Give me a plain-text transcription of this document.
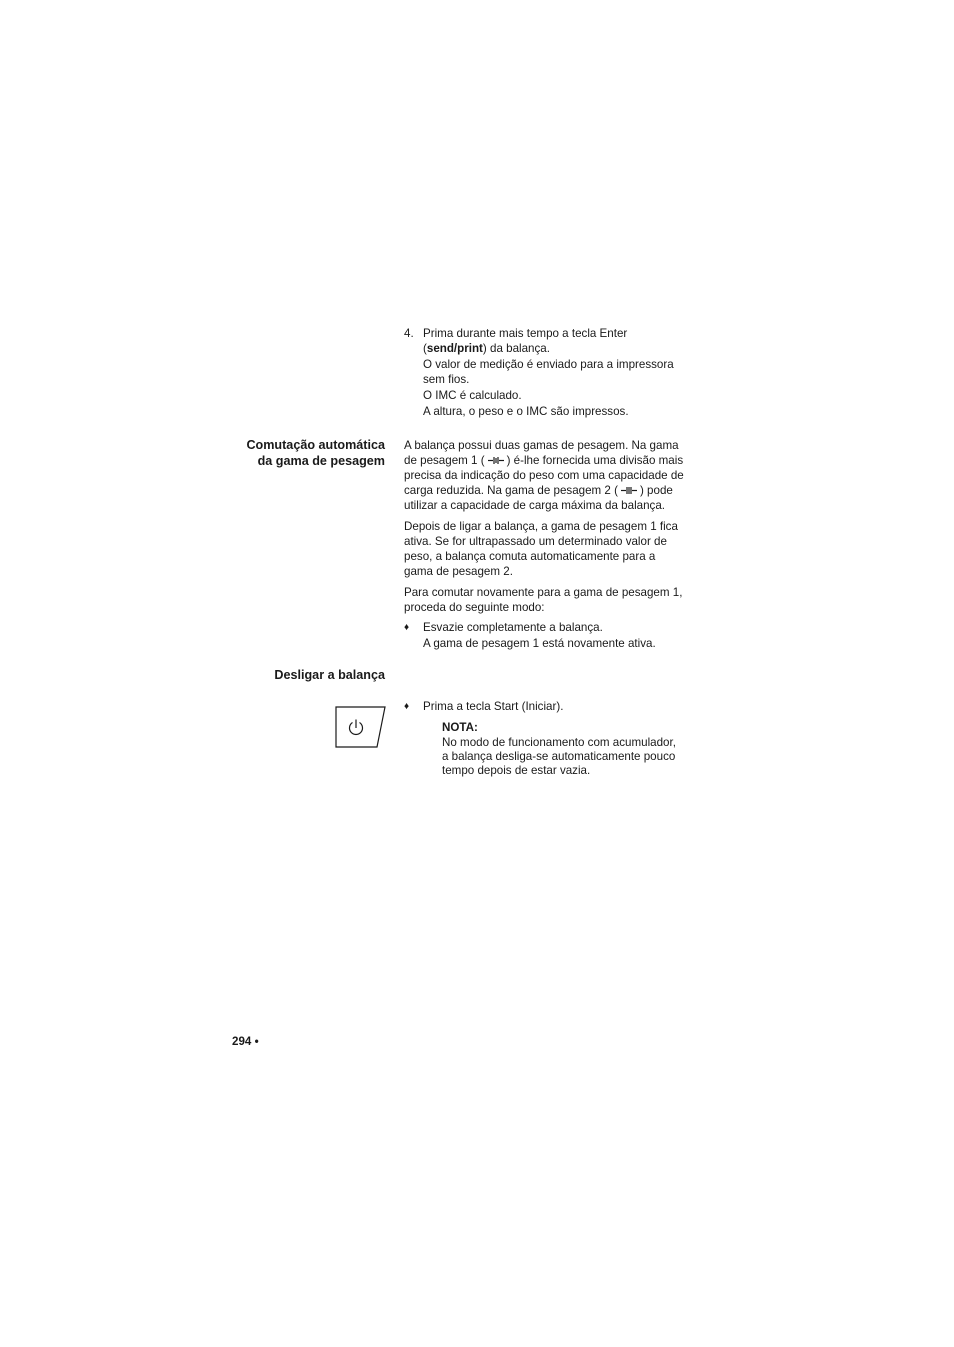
4. Prima durante mais tempo a tecla Enter

(send/print) da balança.

O valor de medição é enviado para a impressora

sem fios.

O IMC é calculado.

A altura, o peso e o IMC são impressos.

Comutação automática
da gama de pesagem

A balança possui duas gamas de pesagem. Na gama

de pesagem 1 ( ) é-lhe fornecida uma divisão mais

precisa da indicação do peso com uma capacidade de

carga reduzida. Na gama de pesagem 2 ( ) pode

utilizar a capacidade de carga máxima da balança.

Depois de ligar a balança, a gama de pesagem 1 fica

ativa. Se for ultrapassado um determinado valor de

peso, a balança comuta automaticamente para a

gama de pesagem 2.

Para comutar novamente para a gama de pesagem 1,

proceda do seguinte modo:

♦ Esvazie completamente a balança.

A gama de pesagem 1 está novamente ativa.

Desligar a balança
♦ Prima a tecla Start (Iniciar).

NOTA:

No modo de funcionamento com acumulador,

a balança desliga-se automaticamente pouco

tempo depois de estar vazia.

294 •
